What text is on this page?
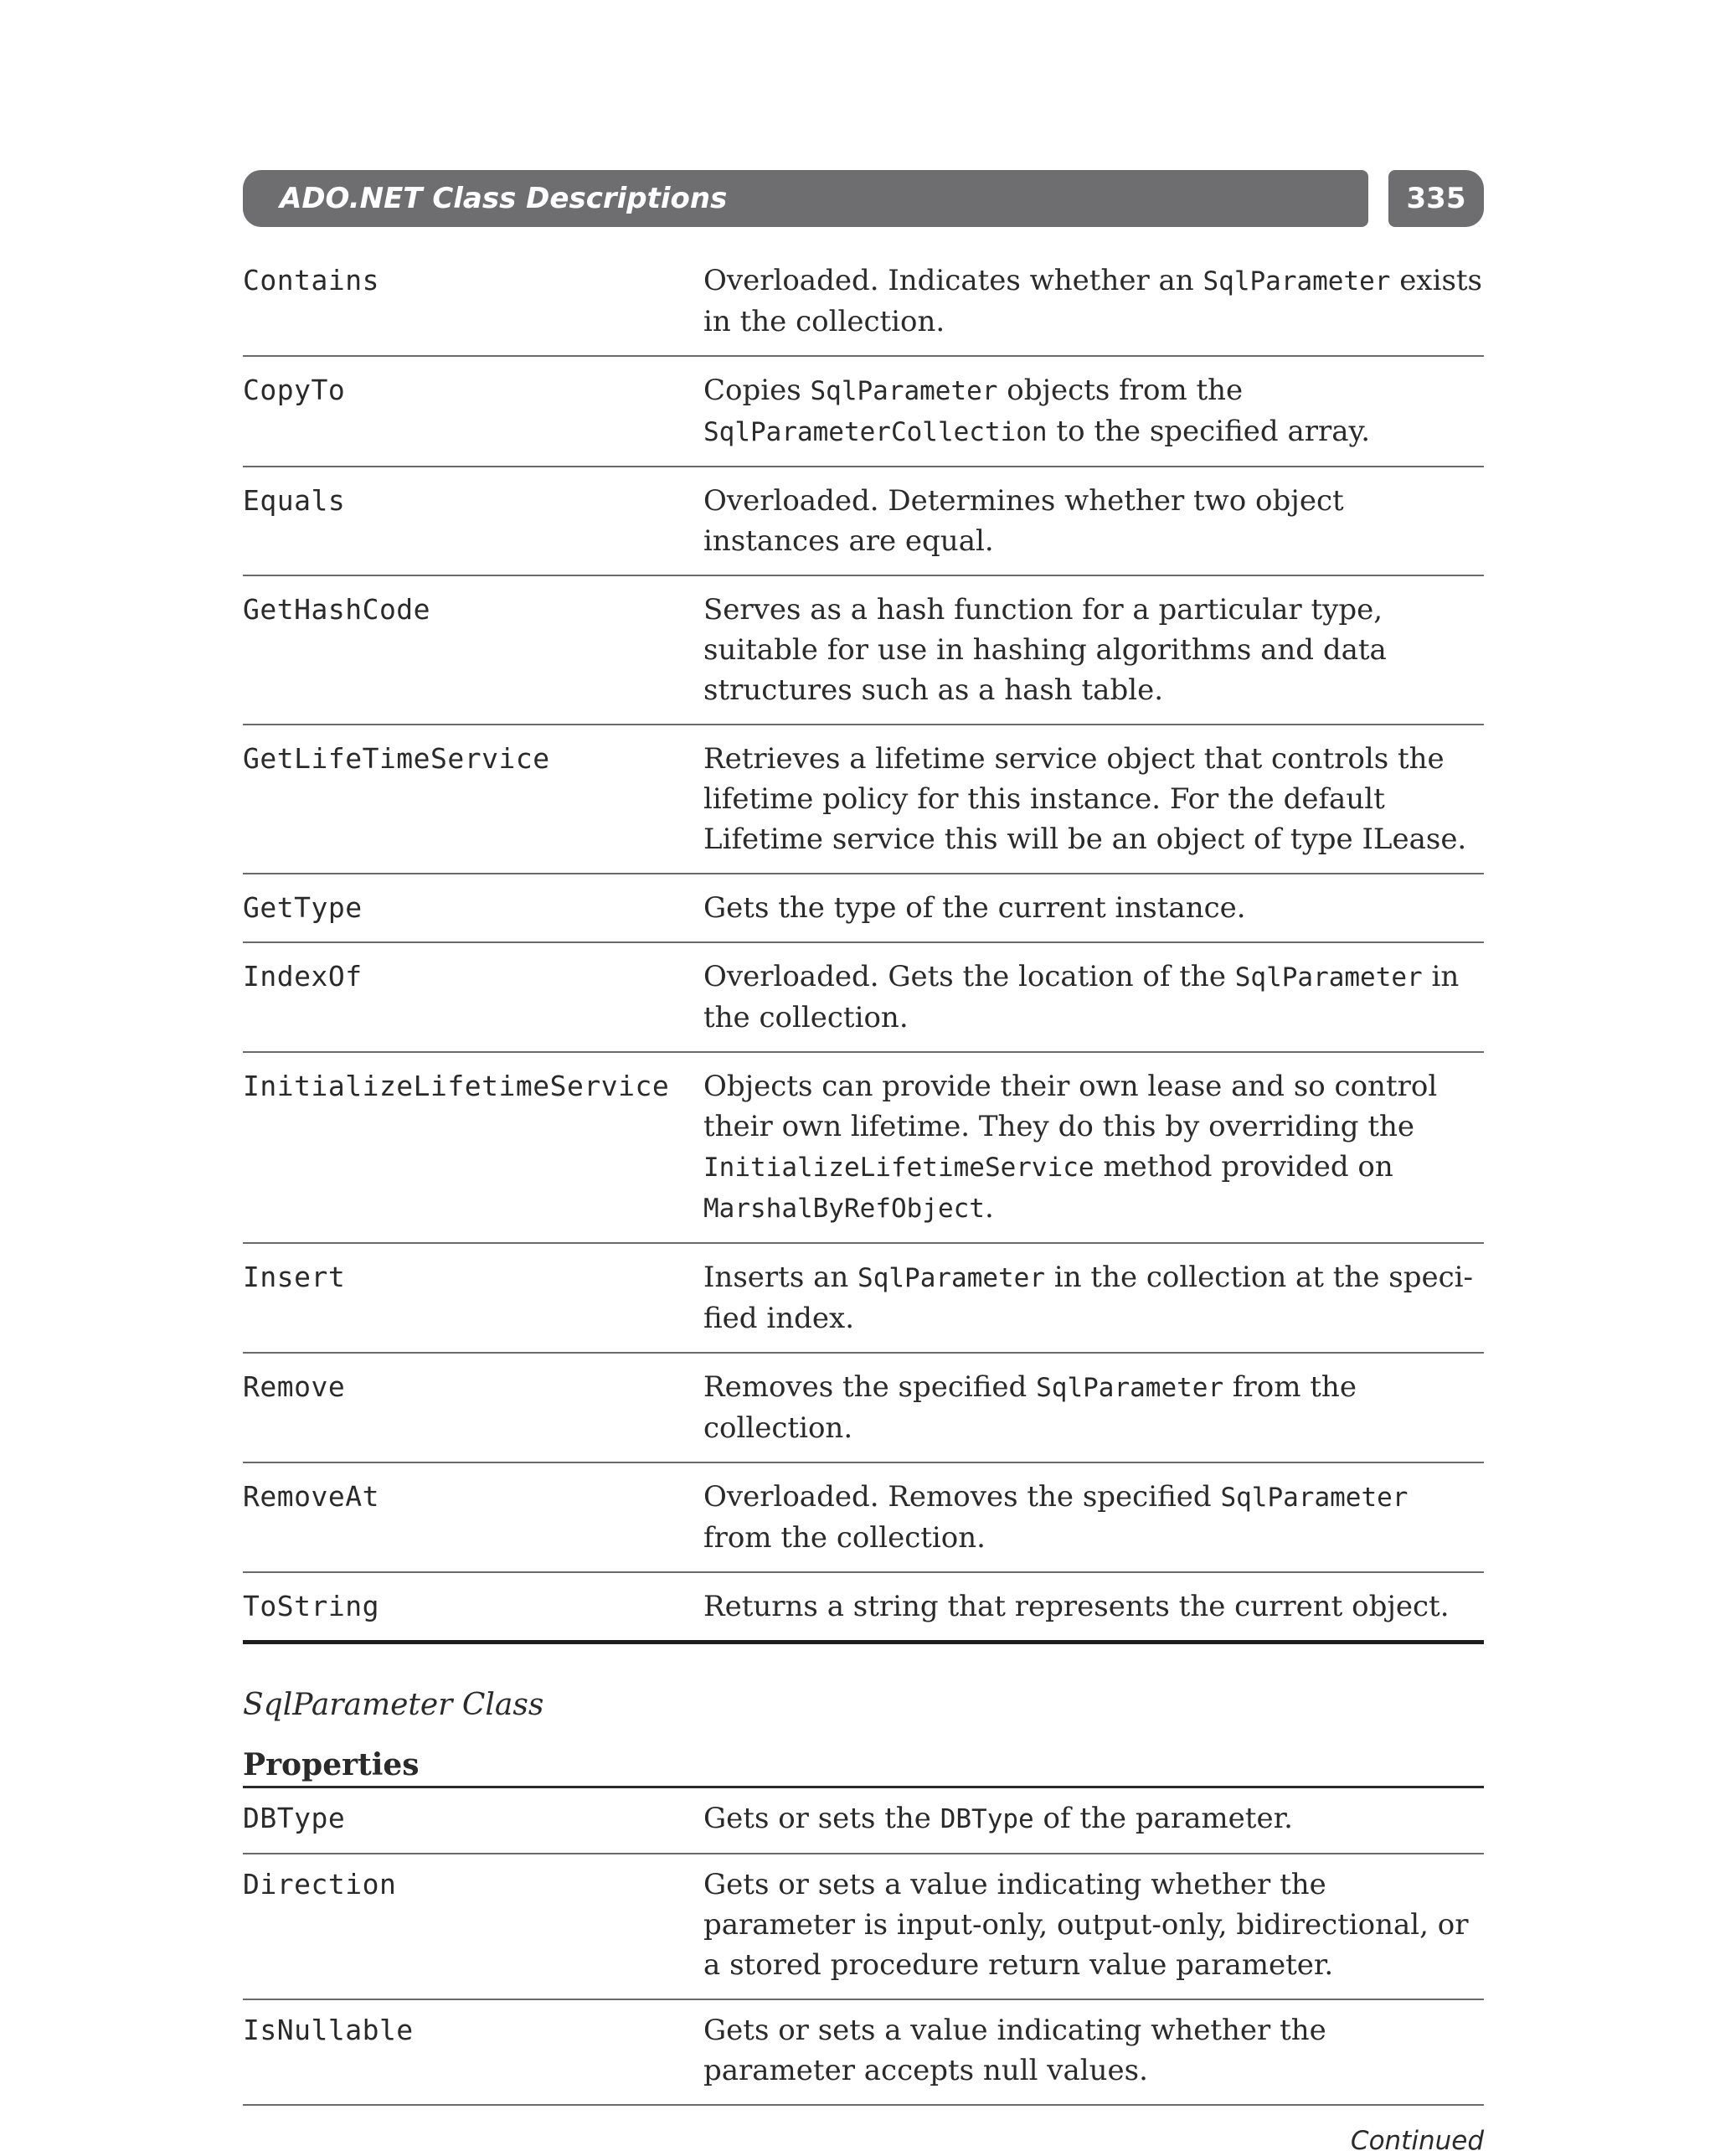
ADO.NET Class Descriptions	335
Contains	Overloaded. Indicates whether an SqlParameter exists in the collection.
CopyTo	Copies SqlParameter objects from the SqlParameterCollection to the specified array.
Equals	Overloaded. Determines whether two object instances are equal.
GetHashCode	Serves as a hash function for a particular type, suitable for use in hashing algorithms and data structures such as a hash table.
GetLifeTimeService	Retrieves a lifetime service object that controls the lifetime policy for this instance. For the default Lifetime service this will be an object of type ILease.
GetType	Gets the type of the current instance.
IndexOf	Overloaded. Gets the location of the SqlParameter in the collection.
InitializeLifetimeService	Objects can provide their own lease and so control their own lifetime. They do this by overriding the InitializeLifetimeService method provided on MarshalByRefObject.
Insert	Inserts an SqlParameter in the collection at the specified index.
Remove	Removes the specified SqlParameter from the collection.
RemoveAt	Overloaded. Removes the specified SqlParameter from the collection.
ToString	Returns a string that represents the current object.
SqlParameter Class
Properties
DBType	Gets or sets the DBType of the parameter.
Direction	Gets or sets a value indicating whether the parameter is input-only, output-only, bidirectional, or a stored procedure return value parameter.
IsNullable	Gets or sets a value indicating whether the parameter accepts null values.
Continued
